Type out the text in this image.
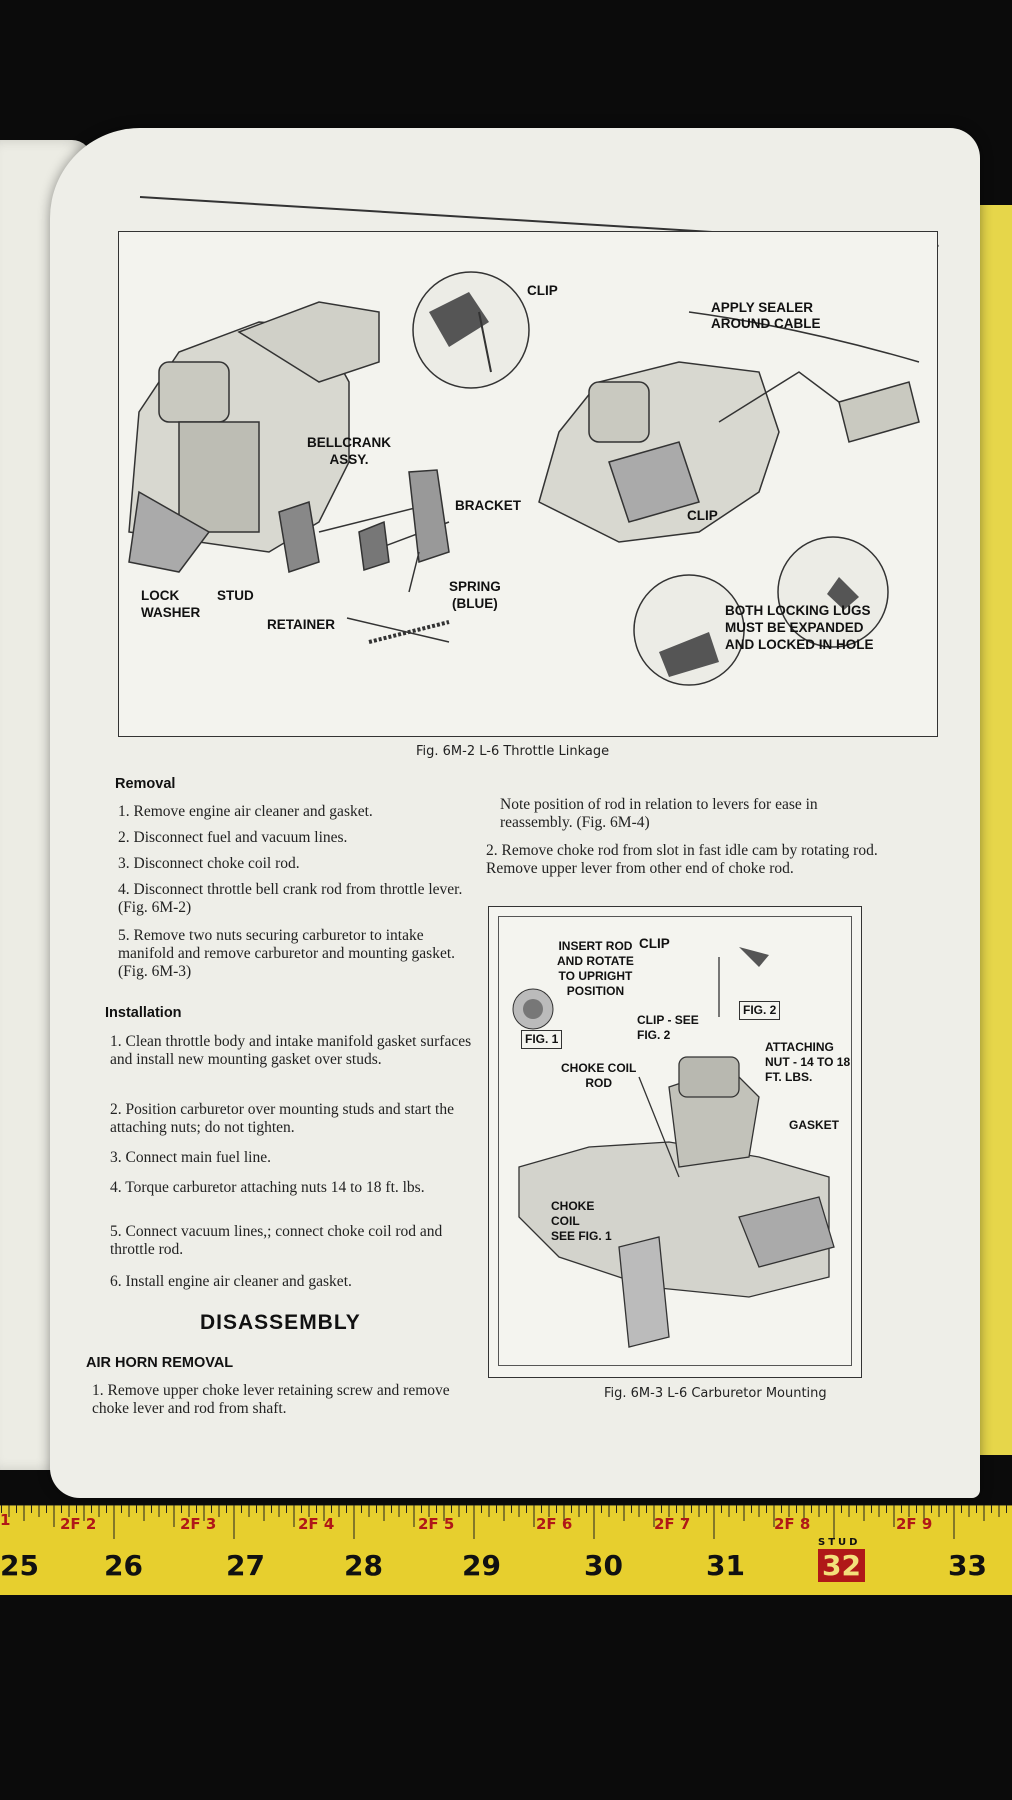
CLIP
APPLY SEALER
AROUND CABLE
BELLCRANK
ASSY.
BRACKET
CLIP
LOCK
WASHER
STUD
RETAINER
SPRING
(BLUE)	BOTH LOCKING LUGS
MUST BE EXPANDED
AND LOCKED IN HOLE
Fig. 6M-2 L-6 Throttle Linkage
Removal
1. Remove engine air cleaner and gasket.
2. Disconnect fuel and vacuum lines.
3. Disconnect choke coil rod.
4. Disconnect throttle bell crank rod from throttle lever. (Fig. 6M-2)
5. Remove two nuts securing carburetor to intake manifold and remove carburetor and mounting gasket. (Fig. 6M-3)
Installation
1. Clean throttle body and intake manifold gasket surfaces and install new mounting gasket over studs.
2. Position carburetor over mounting studs and start the attaching nuts; do not tighten.
3. Connect main fuel line.
4. Torque carburetor attaching nuts 14 to 18 ft. lbs.
5. Connect vacuum lines,; connect choke coil rod and throttle rod.
6. Install engine air cleaner and gasket.
DISASSEMBLY
AIR HORN REMOVAL
1. Remove upper choke lever retaining screw and remove choke lever and rod from shaft.
Note position of rod in relation to levers for ease in reassembly. (Fig. 6M-4)
2. Remove choke rod from slot in fast idle cam by rotating rod. Remove upper lever from other end of choke rod.
CLIP
INSERT ROD
AND ROTATE
TO UPRIGHT
POSITION
FIG. 2
FIG. 1
CLIP - SEE
FIG. 2
ATTACHING
NUT - 14 TO 18
FT. LBS.
CHOKE COIL
ROD
GASKET
CHOKE
COIL
SEE FIG. 1
Fig. 6M-3 L-6 Carburetor Mounting
1	2F 2	2F 3	2F 4	2F 5	2F 6	2F 7	2F 8	2F 9
STUD
25 26	27	28	29	30	31	32	33
